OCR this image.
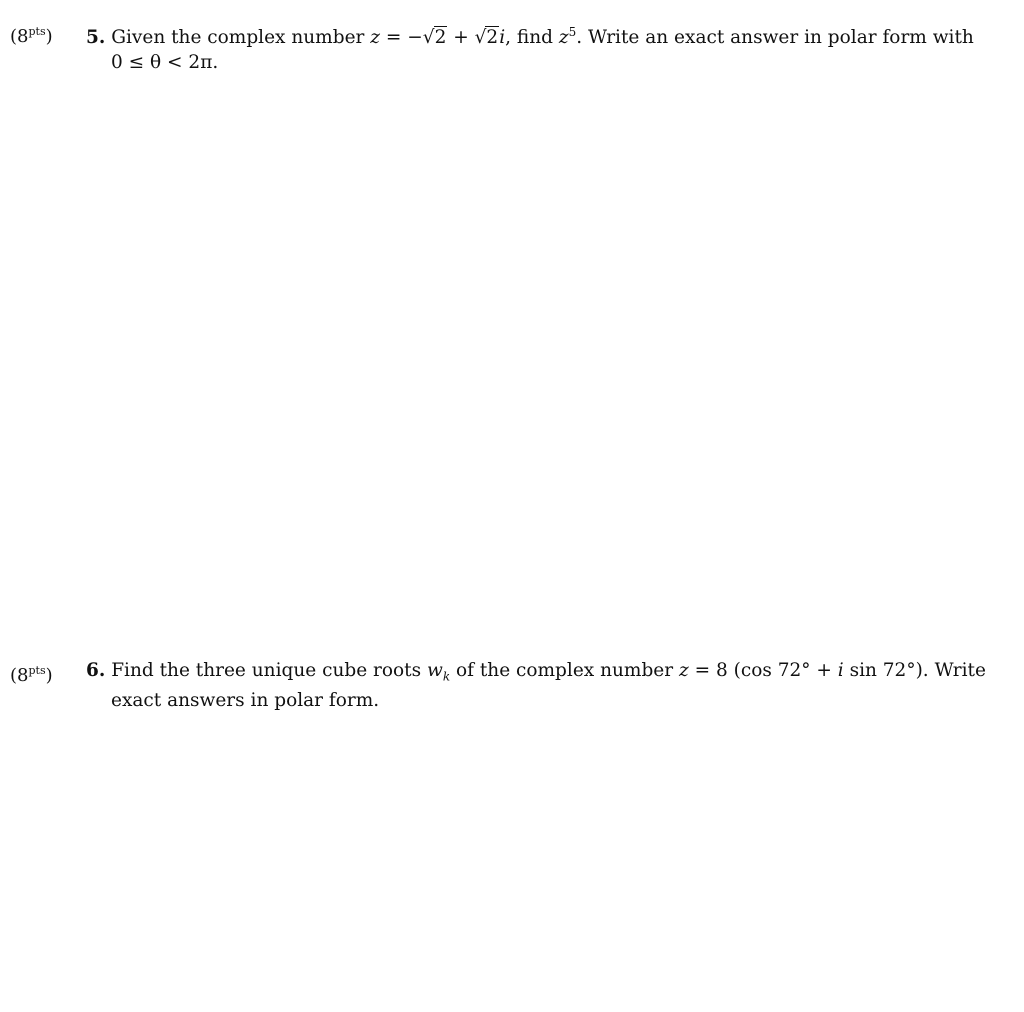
$(8^{pts})$ 5. Given the complex number z = −√2 + √2i, find $z^5$. Write an exact answer in polar form with
0 ≤ θ < 2π.
$(8^{pts})$ 6. Find the three unique cube roots $w_k$ of the complex number z = 8 (cos 72° + i sin 72°). Write
exact answers in polar form.
